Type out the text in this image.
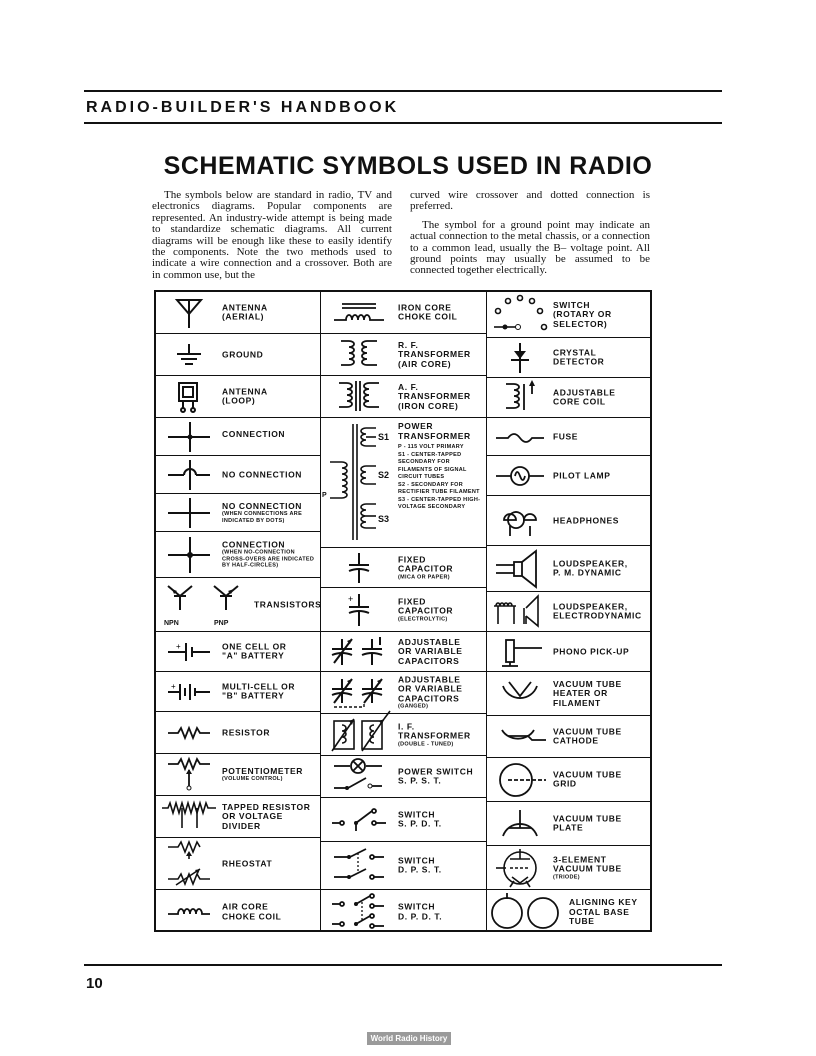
RADIO-BUILDER'S HANDBOOK
SCHEMATIC SYMBOLS USED IN RADIO

The symbols below are standard in radio, TV and electronics diagrams. Popular components are represented. An industry-wide attempt is being made to standardize schematic diagrams. All current diagrams will be enough like these to easily identify the components. Note the two methods used to indicate a wire connection and a crossover. Both are in common use, but the

curved wire crossover and dotted connection is preferred.

The symbol for a ground point may indicate an actual connection to the metal chassis, or a connection to a common lead, usually the B– voltage point. All ground points may usually be assumed to be connected together electrically.

ANTENNA
(AERIAL)
GROUND
ANTENNA
(LOOP)
CONNECTION
NO CONNECTION
NO CONNECTION
(WHEN CONNECTIONS ARE INDICATED BY DOTS)
CONNECTION
(WHEN NO-CONNECTION CROSS-OVERS ARE INDICATED BY HALF-CIRCLES)
NPN	PNP
TRANSISTORS
+	ONE CELL OR
"A" BATTERY
+	MULTI-CELL OR
"B" BATTERY
RESISTOR
POTENTIOMETER
(VOLUME CONTROL)
TAPPED RESISTOR
OR VOLTAGE
DIVIDER
RHEOSTAT
AIR CORE
CHOKE COIL
IRON CORE
CHOKE COIL
R. F.
TRANSFORMER
(AIR CORE)
A. F.
TRANSFORMER
(IRON CORE)
P
S1
S2
S3
POWER
TRANSFORMER
P - 115 VOLT PRIMARY
S1 - CENTER-TAPPED SECONDARY FOR FILAMENTS OF SIGNAL CIRCUIT TUBES
S2 - SECONDARY FOR RECTIFIER TUBE FILAMENT
S3 - CENTER-TAPPED HIGH-VOLTAGE SECONDARY
FIXED
CAPACITOR
(MICA OR PAPER)
+	FIXED
CAPACITOR
(ELECTROLYTIC)
ADJUSTABLE
OR VARIABLE
CAPACITORS
ADJUSTABLE
OR VARIABLE
CAPACITORS
(GANGED)
I. F.
TRANSFORMER
(DOUBLE - TUNED)
POWER SWITCH
S. P. S. T.
SWITCH
S. P. D. T.
SWITCH
D. P. S. T.
SWITCH
D. P. D. T.
SWITCH
(ROTARY OR
SELECTOR)
CRYSTAL
DETECTOR
ADJUSTABLE
CORE COIL
FUSE
PILOT LAMP
HEADPHONES
LOUDSPEAKER,
P. M. DYNAMIC
LOUDSPEAKER,
ELECTRODYNAMIC
PHONO PICK-UP
VACUUM TUBE
HEATER OR
FILAMENT
VACUUM TUBE
CATHODE
VACUUM TUBE
GRID
VACUUM TUBE
PLATE
3-ELEMENT
VACUUM TUBE
(TRIODE)
ALIGNING KEY
OCTAL BASE
TUBE
10
World Radio History
